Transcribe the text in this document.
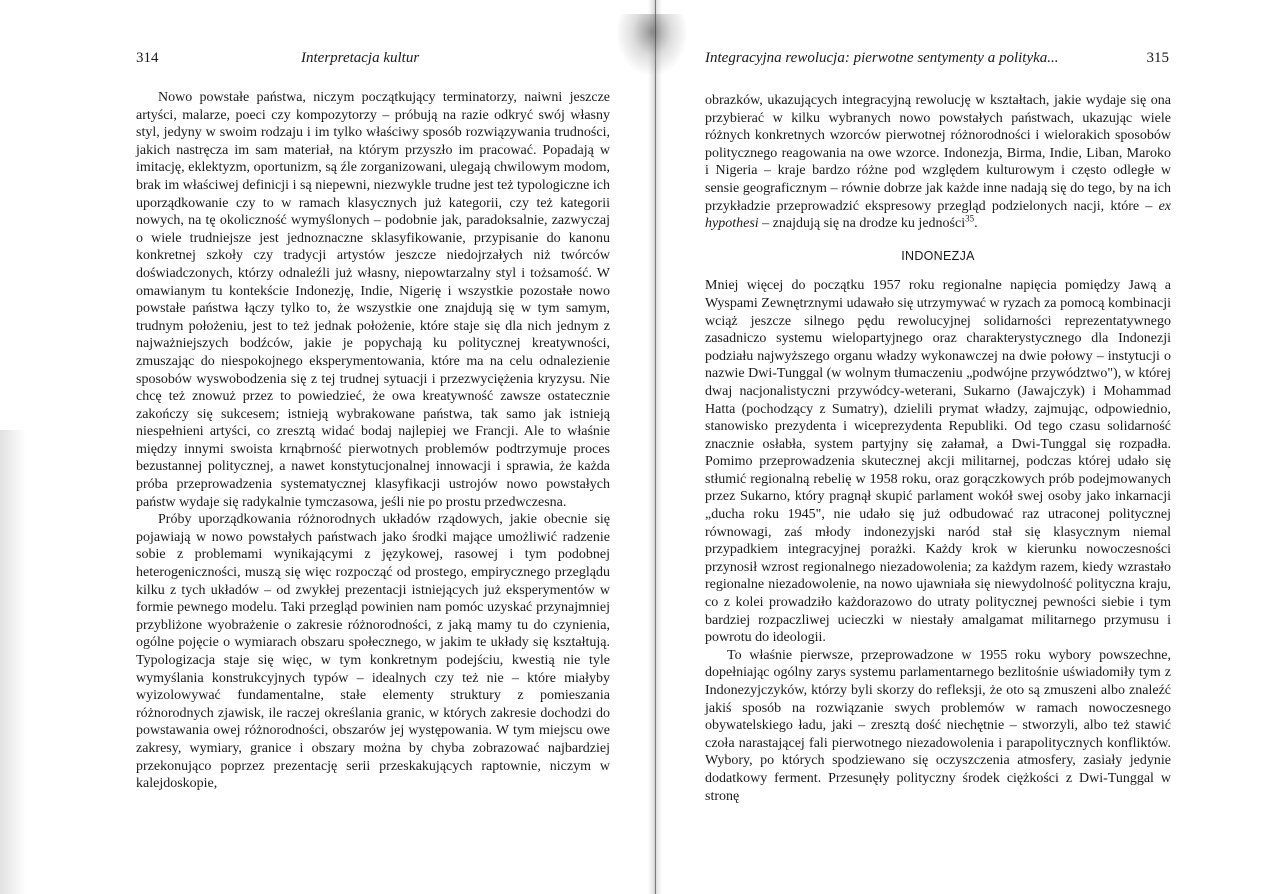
314	Interpretacja kultur

Nowo powstałe państwa, niczym początkujący terminatorzy, naiwni jeszcze artyści, malarze, poeci czy kompozytorzy – próbują na razie odkryć swój własny styl, jedyny w swoim rodzaju i im tylko właściwy sposób rozwiązywania trudności, jakich nastręcza im sam materiał, na którym przyszło im pracować. Popadają w imitację, eklektyzm, oportunizm, są źle zorganizowani, ulegają chwilowym modom, brak im właściwej definicji i są niepewni, niezwykle trudne jest też typologiczne ich uporządkowanie czy to w ramach klasycznych już kategorii, czy też kategorii nowych, na tę okoliczność wymyślonych – podobnie jak, paradoksalnie, zazwyczaj o wiele trudniejsze jest jednoznaczne sklasyfikowanie, przypisanie do kanonu konkretnej szkoły czy tradycji artystów jeszcze niedojrzałych niż twórców doświadczonych, którzy odnaleźli już własny, niepowtarzalny styl i tożsamość. W omawianym tu kontekście Indonezję, Indie, Nigerię i wszystkie pozostałe nowo powstałe państwa łączy tylko to, że wszystkie one znajdują się w tym samym, trudnym położeniu, jest to też jednak położenie, które staje się dla nich jednym z najważniejszych bodźców, jakie je popychają ku politycznej kreatywności, zmuszając do niespokojnego eksperymentowania, które ma na celu odnalezienie sposobów wyswobodzenia się z tej trudnej sytuacji i przezwyciężenia kryzysu. Nie chcę też znowuż przez to powiedzieć, że owa kreatywność zawsze ostatecznie zakończy się sukcesem; istnieją wybrakowane państwa, tak samo jak istnieją niespełnieni artyści, co zresztą widać bodaj najlepiej we Francji. Ale to właśnie między innymi swoista krnąbrność pierwotnych problemów podtrzymuje proces bezustannej politycznej, a nawet konstytucjonalnej innowacji i sprawia, że każda próba przeprowadzenia systematycznej klasyfikacji ustrojów nowo powstałych państw wydaje się radykalnie tymczasowa, jeśli nie po prostu przedwczesna.

Próby uporządkowania różnorodnych układów rządowych, jakie obecnie się pojawiają w nowo powstałych państwach jako środki mające umożliwić radzenie sobie z problemami wynikającymi z językowej, rasowej i tym podobnej heterogeniczności, muszą się więc rozpocząć od prostego, empirycznego przeglądu kilku z tych układów – od zwykłej prezentacji istniejących już eksperymentów w formie pewnego modelu. Taki przegląd powinien nam pomóc uzyskać przynajmniej przybliżone wyobrażenie o zakresie różnorodności, z jaką mamy tu do czynienia, ogólne pojęcie o wymiarach obszaru społecznego, w jakim te układy się kształtują. Typologizacja staje się więc, w tym konkretnym podejściu, kwestią nie tyle wymyślania konstrukcyjnych typów – idealnych czy też nie – które miałyby wyizolowywać fundamentalne, stałe elementy struktury z pomieszania różnorodnych zjawisk, ile raczej określania granic, w których zakresie dochodzi do powstawania owej różnorodności, obszarów jej występowania. W tym miejscu owe zakresy, wymiary, granice i obszary można by chyba zobrazować najbardziej przekonująco poprzez prezentację serii przeskakujących raptownie, niczym w kalejdoskopie,

Integracyjna rewolucja: pierwotne sentymenty a polityka...	315

obrazków, ukazujących integracyjną rewolucję w kształtach, jakie wydaje się ona przybierać w kilku wybranych nowo powstałych państwach, ukazując wiele różnych konkretnych wzorców pierwotnej różnorodności i wielorakich sposobów politycznego reagowania na owe wzorce. Indonezja, Birma, Indie, Liban, Maroko i Nigeria – kraje bardzo różne pod względem kulturowym i często odległe w sensie geograficznym – równie dobrze jak każde inne nadają się do tego, by na ich przykładzie przeprowadzić ekspresowy przegląd podzielonych nacji, które – ex hypothesi – znajdują się na drodze ku jedności$^{35}$.

INDONEZJA

Mniej więcej do początku 1957 roku regionalne napięcia pomiędzy Jawą a Wyspami Zewnętrznymi udawało się utrzymywać w ryzach za pomocą kombinacji wciąż jeszcze silnego pędu rewolucyjnej solidarności reprezentatywnego zasadniczo systemu wielopartyjnego oraz charakterystycznego dla Indonezji podziału najwyższego organu władzy wykonawczej na dwie połowy – instytucji o nazwie Dwi-Tunggal (w wolnym tłumaczeniu „podwójne przywództwo"), w której dwaj nacjonalistyczni przywódcy-weterani, Sukarno (Jawajczyk) i Mohammad Hatta (pochodzący z Sumatry), dzielili prymat władzy, zajmując, odpowiednio, stanowisko prezydenta i wiceprezydenta Republiki. Od tego czasu solidarność znacznie osłabła, system partyjny się załamał, a Dwi-Tunggal się rozpadła. Pomimo przeprowadzenia skutecznej akcji militarnej, podczas której udało się stłumić regionalną rebelię w 1958 roku, oraz gorączkowych prób podejmowanych przez Sukarno, który pragnął skupić parlament wokół swej osoby jako inkarnacji „ducha roku 1945", nie udało się już odbudować raz utraconej politycznej równowagi, zaś młody indonezyjski naród stał się klasycznym niemal przypadkiem integracyjnej porażki. Każdy krok w kierunku nowoczesności przynosił wzrost regionalnego niezadowolenia; za każdym razem, kiedy wzrastało regionalne niezadowolenie, na nowo ujawniała się niewydolność polityczna kraju, co z kolei prowadziło każdorazowo do utraty politycznej pewności siebie i tym bardziej rozpaczliwej ucieczki w niestały amalgamat militarnego przymusu i powrotu do ideologii.

To właśnie pierwsze, przeprowadzone w 1955 roku wybory powszechne, dopełniając ogólny zarys systemu parlamentarnego bezlitośnie uświadomiły tym z Indonezyjczyków, którzy byli skorzy do refleksji, że oto są zmuszeni albo znaleźć jakiś sposób na rozwiązanie swych problemów w ramach nowoczesnego obywatelskiego ładu, jaki – zresztą dość niechętnie – stworzyli, albo też stawić czoła narastającej fali pierwotnego niezadowolenia i parapolitycznych konfliktów. Wybory, po których spodziewano się oczyszczenia atmosfery, zasiały jedynie dodatkowy ferment. Przesunęły polityczny środek ciężkości z Dwi-Tunggal w stronę
